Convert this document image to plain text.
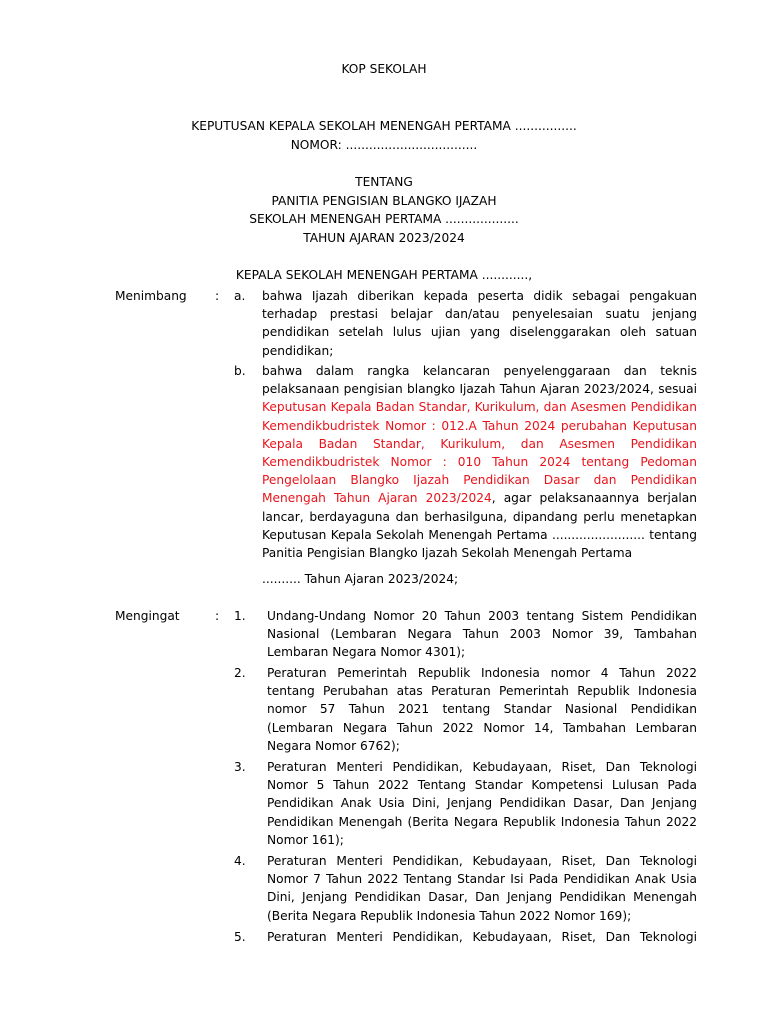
KOP SEKOLAH
KEPUTUSAN KEPALA SEKOLAH MENENGAH PERTAMA ................
NOMOR: ..................................
TENTANG
PANITIA PENGISIAN BLANGKO IJAZAH
SEKOLAH MENENGAH PERTAMA ...................
TAHUN AJARAN 2023/2024
KEPALA SEKOLAH MENENGAH PERTAMA ............,
Menimbang : a. bahwa Ijazah diberikan kepada peserta didik sebagai pengakuan terhadap prestasi belajar dan/atau penyelesaian suatu jenjang pendidikan setelah lulus ujian yang diselenggarakan oleh satuan pendidikan;
b. bahwa dalam rangka kelancaran penyelenggaraan dan teknis pelaksanaan pengisian blangko Ijazah Tahun Ajaran 2023/2024, sesuai Keputusan Kepala Badan Standar, Kurikulum, dan Asesmen Pendidikan Kemendikbudristek Nomor : 012.A Tahun 2024 perubahan Keputusan Kepala Badan Standar, Kurikulum, dan Asesmen Pendidikan Kemendikbudristek Nomor : 010 Tahun 2024 tentang Pedoman Pengelolaan Blangko Ijazah Pendidikan Dasar dan Pendidikan Menengah Tahun Ajaran 2023/2024, agar pelaksanaannya berjalan lancar, berdayaguna dan berhasilguna, dipandang perlu menetapkan Keputusan Kepala Sekolah Menengah Pertama ........................ tentang Panitia Pengisian Blangko Ijazah Sekolah Menengah Pertama
.......... Tahun Ajaran 2023/2024;
Mengingat	: 1. Undang-Undang Nomor 20 Tahun 2003 tentang Sistem Pendidikan Nasional (Lembaran Negara Tahun 2003 Nomor 39, Tambahan Lembaran Negara Nomor 4301);
2. Peraturan Pemerintah Republik Indonesia nomor 4 Tahun 2022 tentang Perubahan atas Peraturan Pemerintah Republik Indonesia nomor 57 Tahun 2021 tentang Standar Nasional Pendidikan (Lembaran Negara Tahun 2022 Nomor 14, Tambahan Lembaran Negara Nomor 6762);
3. Peraturan Menteri Pendidikan, Kebudayaan, Riset, Dan Teknologi Nomor 5 Tahun 2022 Tentang Standar Kompetensi Lulusan Pada Pendidikan Anak Usia Dini, Jenjang Pendidikan Dasar, Dan Jenjang Pendidikan Menengah (Berita Negara Republik Indonesia Tahun 2022 Nomor 161);
4. Peraturan Menteri Pendidikan, Kebudayaan, Riset, Dan Teknologi Nomor 7 Tahun 2022 Tentang Standar Isi Pada Pendidikan Anak Usia Dini, Jenjang Pendidikan Dasar, Dan Jenjang Pendidikan Menengah (Berita Negara Republik Indonesia Tahun 2022 Nomor 169);
5. Peraturan Menteri Pendidikan, Kebudayaan, Riset, Dan Teknologi
